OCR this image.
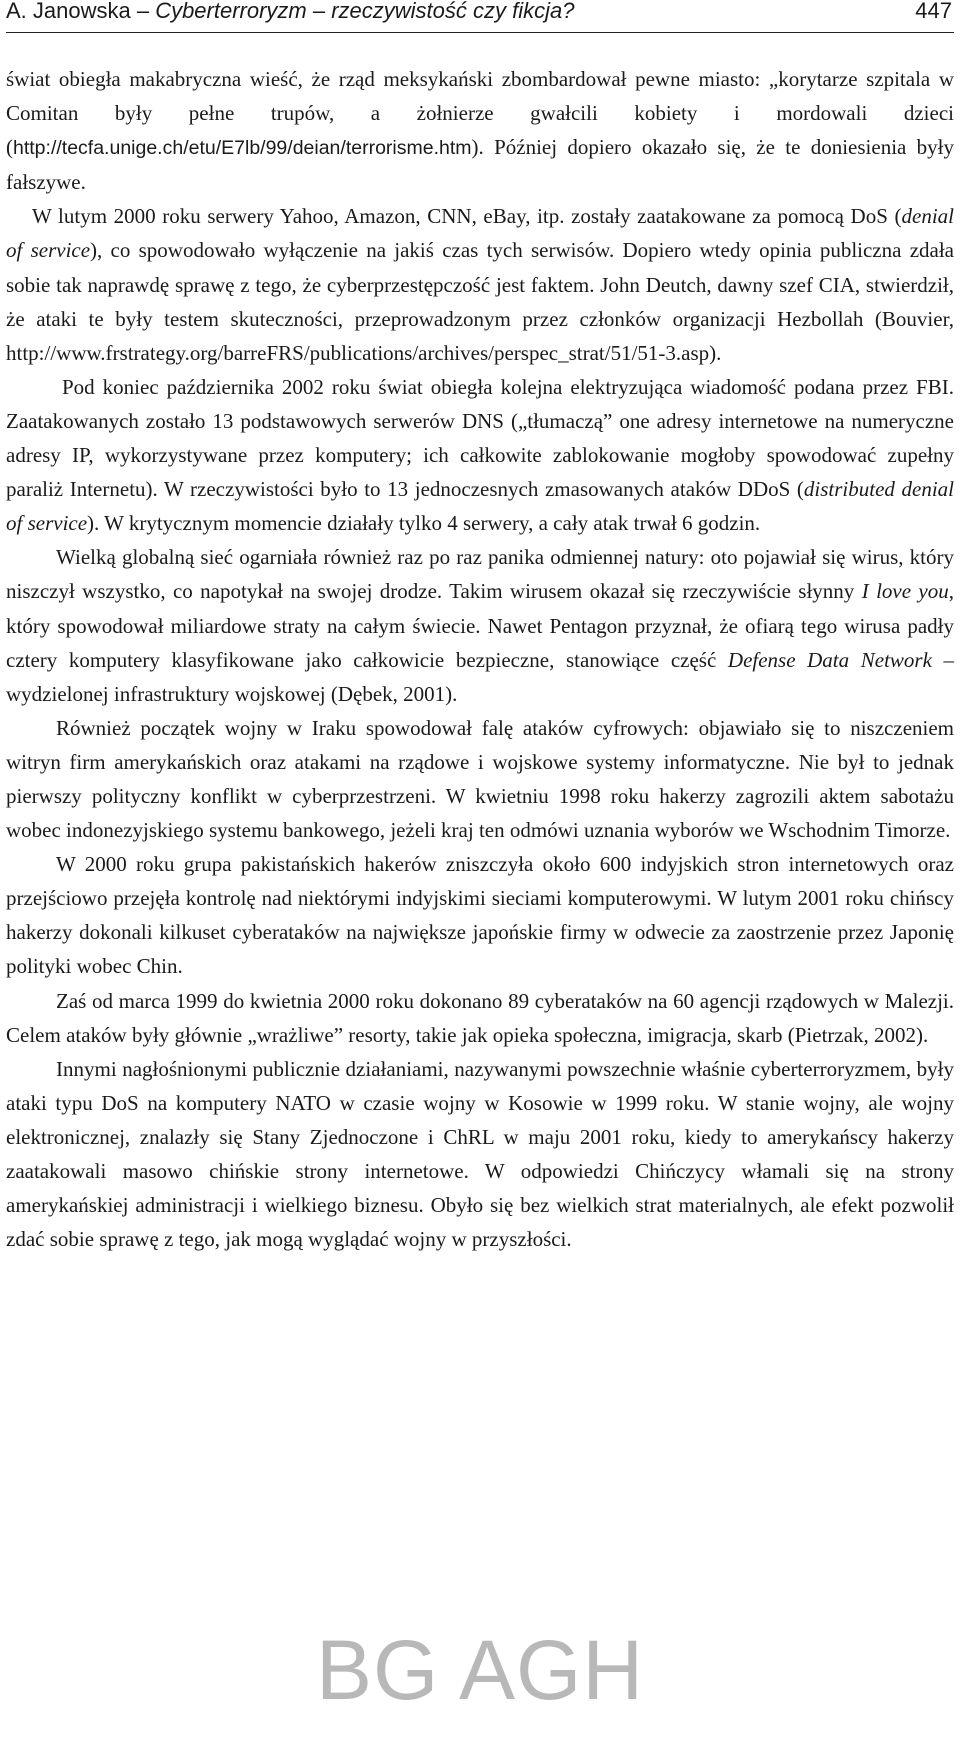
A. Janowska – Cyberterroryzm – rzeczywistość czy fikcja?	447

świat obiegła makabryczna wieść, że rząd meksykański zbombardował pewne miasto: „korytarze szpitala w Comitan były pełne trupów, a żołnierze gwałcili kobiety i mordowali dzieci (http://tecfa.unige.ch/etu/E7lb/99/deian/terrorisme.htm). Później dopiero okazało się, że te doniesienia były fałszywe.

W lutym 2000 roku serwery Yahoo, Amazon, CNN, eBay, itp. zostały zaatakowane za pomocą DoS (denial of service), co spowodowało wyłączenie na jakiś czas tych serwisów. Dopiero wtedy opinia publiczna zdała sobie tak naprawdę sprawę z tego, że cyberprzestępczość jest faktem. John Deutch, dawny szef CIA, stwierdził, że ataki te były testem skuteczności, przeprowadzonym przez członków organizacji Hezbollah (Bouvier, http://www.frstrategy.org/barreFRS/publications/archives/perspec_strat/51/51-3.asp).

Pod koniec października 2002 roku świat obiegła kolejna elektryzująca wiadomość podana przez FBI. Zaatakowanych zostało 13 podstawowych serwerów DNS („tłumaczą” one adresy internetowe na numeryczne adresy IP, wykorzystywane przez komputery; ich całkowite zablokowanie mogłoby spowodować zupełny paraliż Internetu). W rzeczywistości było to 13 jednoczesnych zmasowanych ataków DDoS (distributed denial of service). W krytycznym momencie działały tylko 4 serwery, a cały atak trwał 6 godzin.

Wielką globalną sieć ogarniała również raz po raz panika odmiennej natury: oto pojawiał się wirus, który niszczył wszystko, co napotykał na swojej drodze. Takim wirusem okazał się rzeczywiście słynny I love you, który spowodował miliardowe straty na całym świecie. Nawet Pentagon przyznał, że ofiarą tego wirusa padły cztery komputery klasyfikowane jako całkowicie bezpieczne, stanowiące część Defense Data Network – wydzielonej infrastruktury wojskowej (Dębek, 2001).

Również początek wojny w Iraku spowodował falę ataków cyfrowych: objawiało się to niszczeniem witryn firm amerykańskich oraz atakami na rządowe i wojskowe systemy informatyczne. Nie był to jednak pierwszy polityczny konflikt w cyberprzestrzeni. W kwietniu 1998 roku hakerzy zagrozili aktem sabotażu wobec indonezyjskiego systemu bankowego, jeżeli kraj ten odmówi uznania wyborów we Wschodnim Timorze.

W 2000 roku grupa pakistańskich hakerów zniszczyła około 600 indyjskich stron internetowych oraz przejściowo przejęła kontrolę nad niektórymi indyjskimi sieciami komputerowymi. W lutym 2001 roku chińscy hakerzy dokonali kilkuset cyberataków na największe japońskie firmy w odwecie za zaostrzenie przez Japonię polityki wobec Chin.

Zaś od marca 1999 do kwietnia 2000 roku dokonano 89 cyberataków na 60 agencji rządowych w Malezji. Celem ataków były głównie „wrażliwe” resorty, takie jak opieka społeczna, imigracja, skarb (Pietrzak, 2002).

Innymi nagłośnionymi publicznie działaniami, nazywanymi powszechnie właśnie cyberterroryzmem, były ataki typu DoS na komputery NATO w czasie wojny w Kosowie w 1999 roku. W stanie wojny, ale wojny elektronicznej, znalazły się Stany Zjednoczone i ChRL w maju 2001 roku, kiedy to amerykańscy hakerzy zaatakowali masowo chińskie strony internetowe. W odpowiedzi Chińczycy włamali się na strony amerykańskiej administracji i wielkiego biznesu. Obyło się bez wielkich strat materialnych, ale efekt pozwolił zdać sobie sprawę z tego, jak mogą wyglądać wojny w przyszłości.

BG AGH
